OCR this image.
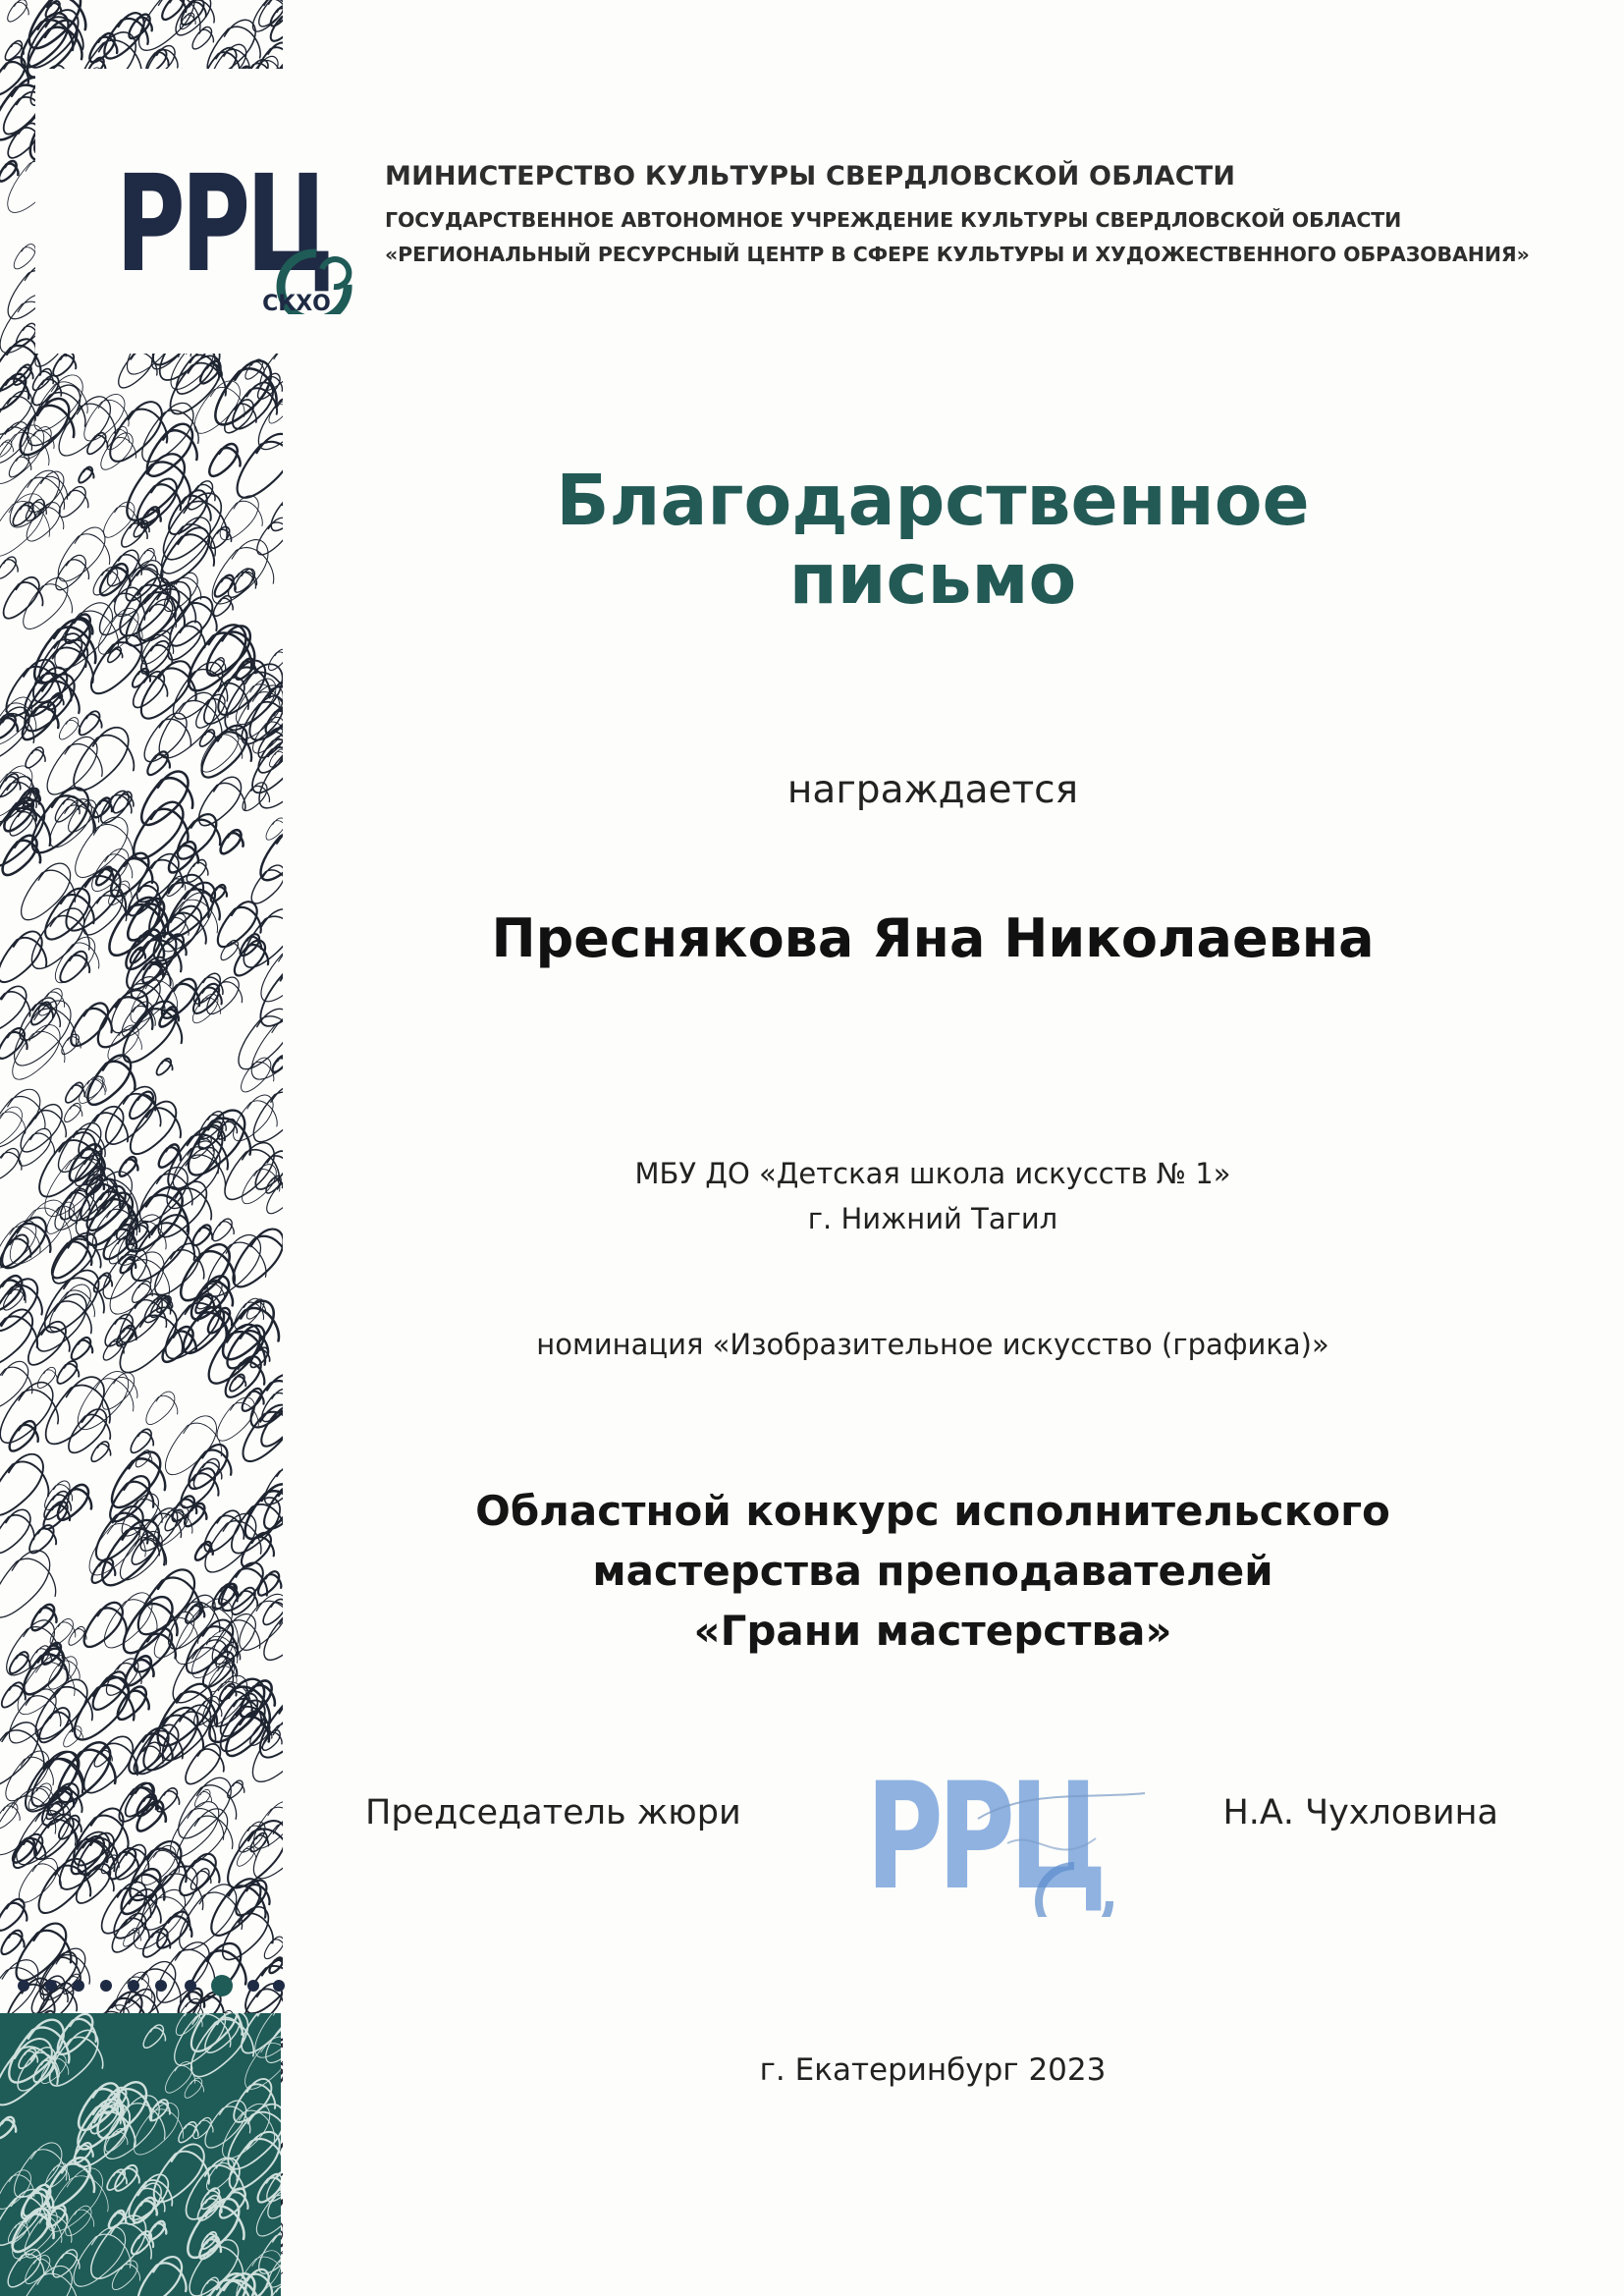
РРЦ
СКХО
МИНИСТЕРСТВО КУЛЬТУРЫ СВЕРДЛОВСКОЙ ОБЛАСТИ
ГОСУДАРСТВЕННОЕ АВТОНОМНОЕ УЧРЕЖДЕНИЕ КУЛЬТУРЫ СВЕРДЛОВСКОЙ ОБЛАСТИ
«РЕГИОНАЛЬНЫЙ РЕСУРСНЫЙ ЦЕНТР В СФЕРЕ КУЛЬТУРЫ И ХУДОЖЕСТВЕННОГО ОБРАЗОВАНИЯ»
Благодарственное
письмо
награждается
Преснякова Яна Николаевна
МБУ ДО «Детская школа искусств № 1»
г. Нижний Тагил
номинация «Изобразительное искусство (графика)»
Областной конкурс исполнительского
мастерства преподавателей
«Грани мастерства»
Председатель жюри РРЦ	Н.А. Чухловина
г. Екатеринбург 2023
